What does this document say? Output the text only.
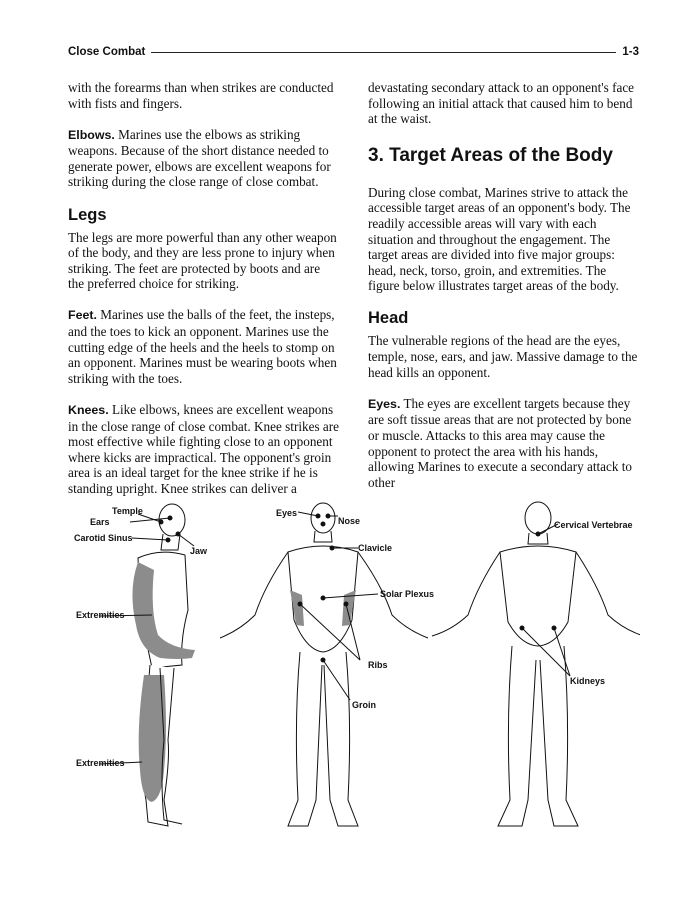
Close Combat	1-3

with the forearms than when strikes are conducted with fists and fingers.

Elbows. Marines use the elbows as striking weapons. Because of the short distance needed to generate power, elbows are excellent weapons for striking during the close range of close combat.

Legs

The legs are more powerful than any other weapon of the body, and they are less prone to injury when striking. The feet are protected by boots and are the preferred choice for striking.

Feet. Marines use the balls of the feet, the insteps, and the toes to kick an opponent. Marines use the cutting edge of the heels and the heels to stomp on an opponent. Marines must be wearing boots when striking with the toes.

Knees. Like elbows, knees are excellent weapons in the close range of close combat. Knee strikes are most effective while fighting close to an opponent where kicks are impractical. The opponent's groin area is an ideal target for the knee strike if he is standing upright. Knee strikes can deliver a

devastating secondary attack to an opponent's face following an initial attack that caused him to bend at the waist.

3. Target Areas of the Body

During close combat, Marines strive to attack the accessible target areas of an opponent's body. The readily accessible areas will vary with each situation and throughout the engagement. The target areas are divided into five major groups: head, neck, torso, groin, and extremities. The figure below illustrates target areas of the body.

Head

The vulnerable regions of the head are the eyes, temple, nose, ears, and jaw. Massive damage to the head kills an opponent.

Eyes. The eyes are excellent targets because they are soft tissue areas that are not protected by bone or muscle. Attacks to this area may cause the opponent to protect the area with his hands, allowing Marines to execute a secondary attack to other

Temple
Ears
Carotid Sinus
Jaw
Extremities
Extremities
Eyes
Nose
Clavicle
Solar Plexus
Ribs
Groin
Cervical Vertebrae
Kidneys
